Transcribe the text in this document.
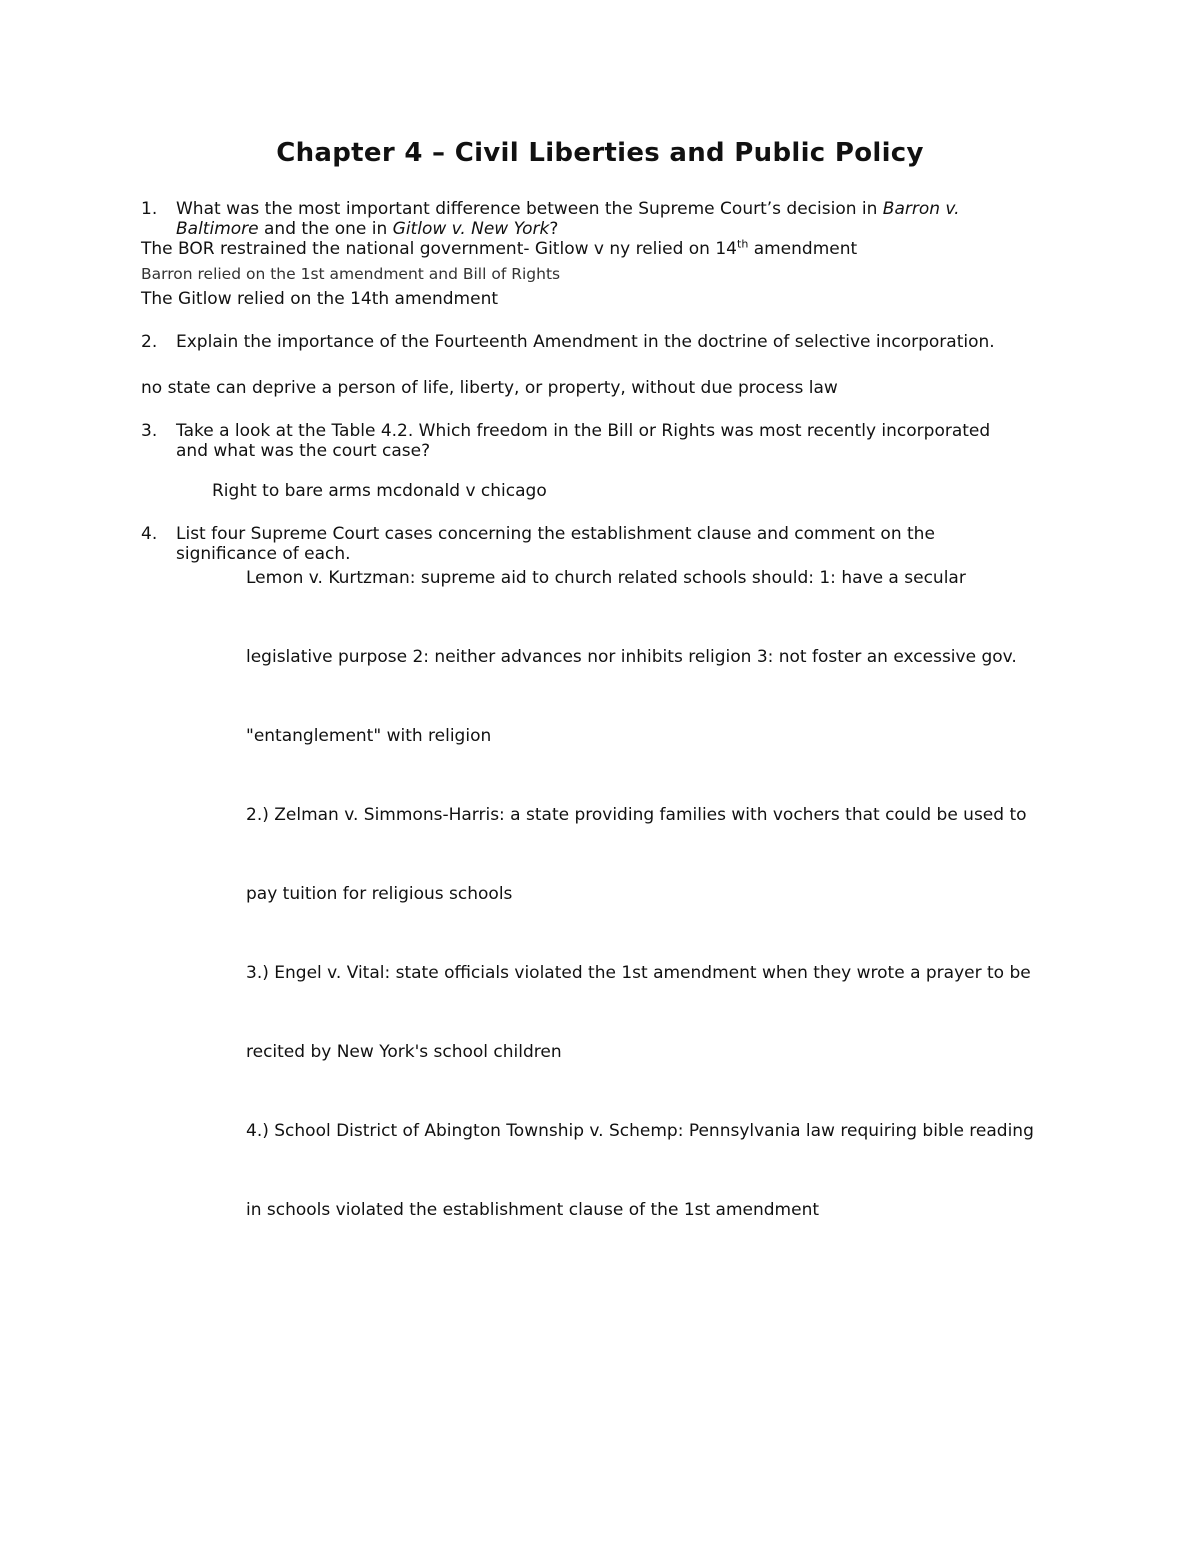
Chapter 4 – Civil Liberties and Public Policy
1.	What was the most important difference between the Supreme Court’s decision in Barron v.
Baltimore and the one in Gitlow v. New York?
The BOR restrained the national government- Gitlow v ny relied on 14th amendment
Barron relied on the 1st amendment and Bill of Rights
The Gitlow relied on the 14th amendment
2.	Explain the importance of the Fourteenth Amendment in the doctrine of selective incorporation.
no state can deprive a person of life, liberty, or property, without due process law
3.	Take a look at the Table 4.2. Which freedom in the Bill or Rights was most recently incorporated
and what was the court case?
Right to bare arms mcdonald v chicago
4.	List four Supreme Court cases concerning the establishment clause and comment on the
significance of each.
Lemon v. Kurtzman: supreme aid to church related schools should: 1: have a secular
legislative purpose 2: neither advances nor inhibits religion 3: not foster an excessive gov.
"entanglement" with religion
2.) Zelman v. Simmons-Harris: a state providing families with vochers that could be used to
pay tuition for religious schools
3.) Engel v. Vital: state officials violated the 1st amendment when they wrote a prayer to be
recited by New York's school children
4.) School District of Abington Township v. Schemp: Pennsylvania law requiring bible reading
in schools violated the establishment clause of the 1st amendment
